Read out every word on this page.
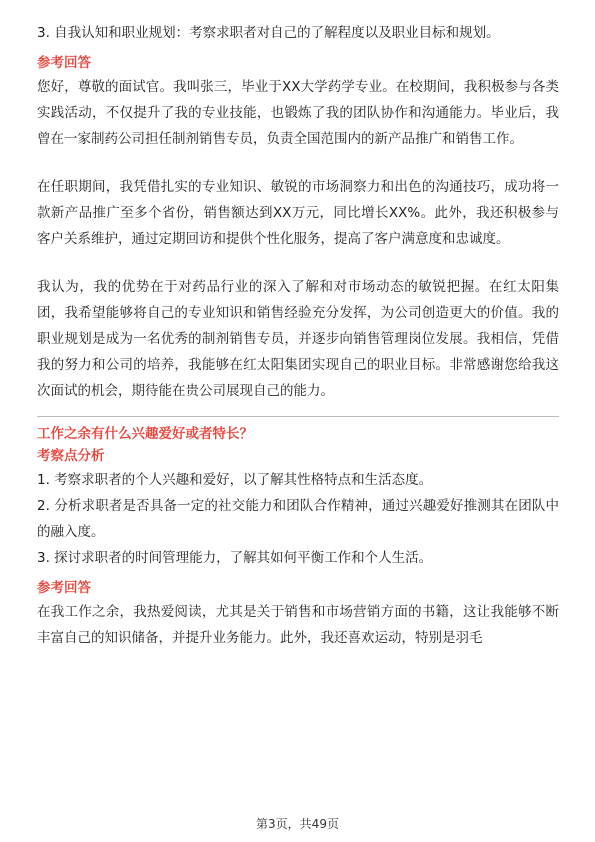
3. 自我认知和职业规划：考察求职者对自己的了解程度以及职业目标和规划。

参考回答

您好，尊敬的面试官。我叫张三，毕业于XX大学药学专业。在校期间，我积极参与各类实践活动，不仅提升了我的专业技能，也锻炼了我的团队协作和沟通能力。毕业后，我曾在一家制药公司担任制剂销售专员，负责全国范围内的新产品推广和销售工作。

在任职期间，我凭借扎实的专业知识、敏锐的市场洞察力和出色的沟通技巧，成功将一款新产品推广至多个省份，销售额达到XX万元，同比增长XX%。此外，我还积极参与客户关系维护，通过定期回访和提供个性化服务，提高了客户满意度和忠诚度。

我认为，我的优势在于对药品行业的深入了解和对市场动态的敏锐把握。在红太阳集团，我希望能够将自己的专业知识和销售经验充分发挥，为公司创造更大的价值。我的职业规划是成为一名优秀的制剂销售专员，并逐步向销售管理岗位发展。我相信，凭借我的努力和公司的培养，我能够在红太阳集团实现自己的职业目标。非常感谢您给我这次面试的机会，期待能在贵公司展现自己的能力。

工作之余有什么兴趣爱好或者特长？

考察点分析

1. 考察求职者的个人兴趣和爱好，以了解其性格特点和生活态度。

2. 分析求职者是否具备一定的社交能力和团队合作精神，通过兴趣爱好推测其在团队中的融入度。

3. 探讨求职者的时间管理能力，了解其如何平衡工作和个人生活。

参考回答

在我工作之余，我热爱阅读，尤其是关于销售和市场营销方面的书籍，这让我能够不断丰富自己的知识储备，并提升业务能力。此外，我还喜欢运动，特别是羽毛

第3页，共49页
